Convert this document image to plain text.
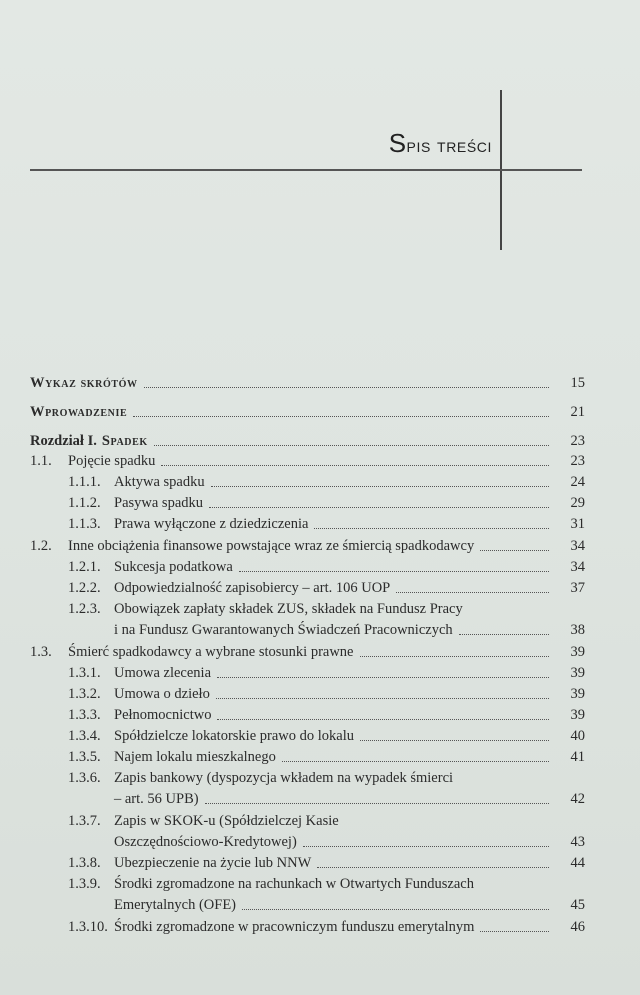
Spis treści
Wykaz skrótów	15
Wprowadzenie	21
Rozdział I. Spadek	23
1.1.	Pojęcie spadku	23
1.1.1. Aktywa spadku	24
1.1.2. Pasywa spadku	29
1.1.3. Prawa wyłączone z dziedziczenia	31
1.2.	Inne obciążenia finansowe powstające wraz ze śmiercią spadkodawcy	34
1.2.1. Sukcesja podatkowa	34
1.2.2. Odpowiedzialność zapisobiercy – art. 106 UOP	37
1.2.3. Obowiązek zapłaty składek ZUS, składek na Fundusz Pracy
i na Fundusz Gwarantowanych Świadczeń Pracowniczych	38
1.3.	Śmierć spadkodawcy a wybrane stosunki prawne	39
1.3.1. Umowa zlecenia	39
1.3.2. Umowa o dzieło	39
1.3.3. Pełnomocnictwo	39
1.3.4. Spółdzielcze lokatorskie prawo do lokalu	40
1.3.5. Najem lokalu mieszkalnego	41
1.3.6. Zapis bankowy (dyspozycja wkładem na wypadek śmierci
– art. 56 UPB)	42
1.3.7. Zapis w SKOK-u (Spółdzielczej Kasie
Oszczędnościowo-Kredytowej)	43
1.3.8. Ubezpieczenie na życie lub NNW	44
1.3.9. Środki zgromadzone na rachunkach w Otwartych Funduszach
Emerytalnych (OFE)	45
1.3.10. Środki zgromadzone w pracowniczym funduszu emerytalnym	46
